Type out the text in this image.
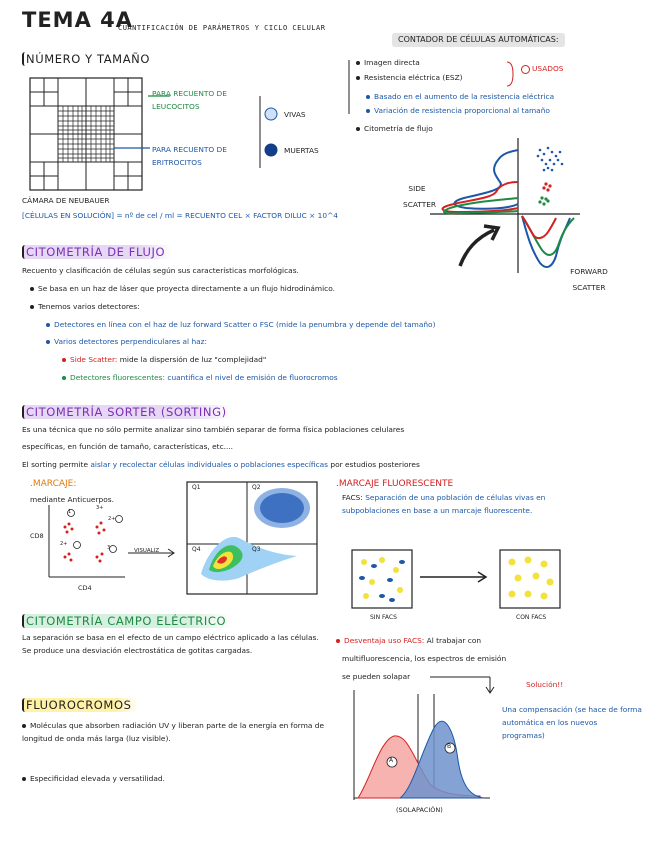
TEMA 4A
CUANTIFICACIÓN DE PARÁMETROS Y CICLO CELULAR
NÚMERO Y TAMAÑO
PARA RECUENTO DE LEUCOCITOS
PARA RECUENTO DE ERITROCITOS
VIVAS
MUERTAS
CÁMARA DE NEUBAUER
[CÉLULAS EN SOLUCIÓN] = nº de cel / ml = RECUENTO CEL × FACTOR DILUC × 10^4
CONTADOR DE CÉLULAS AUTOMÁTICAS:
Imagen directa
Resistencia eléctrica (ESZ)
USADOS
Basado en el aumento de la resistencia eléctrica
Variación de resistencia proporcional al tamaño
Citometría de flujo
SIDE SCATTER
FORWARD SCATTER
CITOMETRÍA DE FLUJO
Recuento y clasificación de células según sus características morfológicas.
Se basa en un haz de láser que proyecta directamente a un flujo hidrodinámico.
Tenemos varios detectores:
Detectores en línea con el haz de luz forward Scatter o FSC (mide la penumbra y depende del tamaño)
Varios detectores perpendiculares al haz:
Side Scatter: mide la dispersión de luz "complejidad"
Detectores fluorescentes: cuantifica el nivel de emisión de fluorocromos
CITOMETRÍA SORTER (SORTING)
Es una técnica que no sólo permite analizar sino también separar de forma física poblaciones celulares
específicas, en función de tamaño, características, etc....
El sorting permite aislar y recolectar células individuales o poblaciones específicas por estudios posteriores
.MARCAJE:
mediante Anticuerpos.
CD8
CD4
1
2+
2+
3
3+
VISUALIZ
Q1	Q2
Q3
Q4
.MARCAJE FLUORESCENTE
FACS: Separación de una población de células vivas en subpoblaciones en base a un marcaje fluorescente.
SIN FACS	CON FACS
CITOMETRÍA CAMPO ELÉCTRICO
La separación se basa en el efecto de un campo eléctrico aplicado a las células. Se produce una desviación electrostática de gotitas cargadas.
Desventaja uso FACS: Al trabajar con
multifluorescencia, los espectros de emisión
se pueden solapar
Solución!!
Una compensación (se hace de forma automática en los nuevos programas)
A
B
(SOLAPACIÓN)
FLUOROCROMOS
Moléculas que absorben radiación UV y liberan parte de la energía en forma de longitud de onda más larga (luz visible).
Especificidad elevada y versatilidad.
